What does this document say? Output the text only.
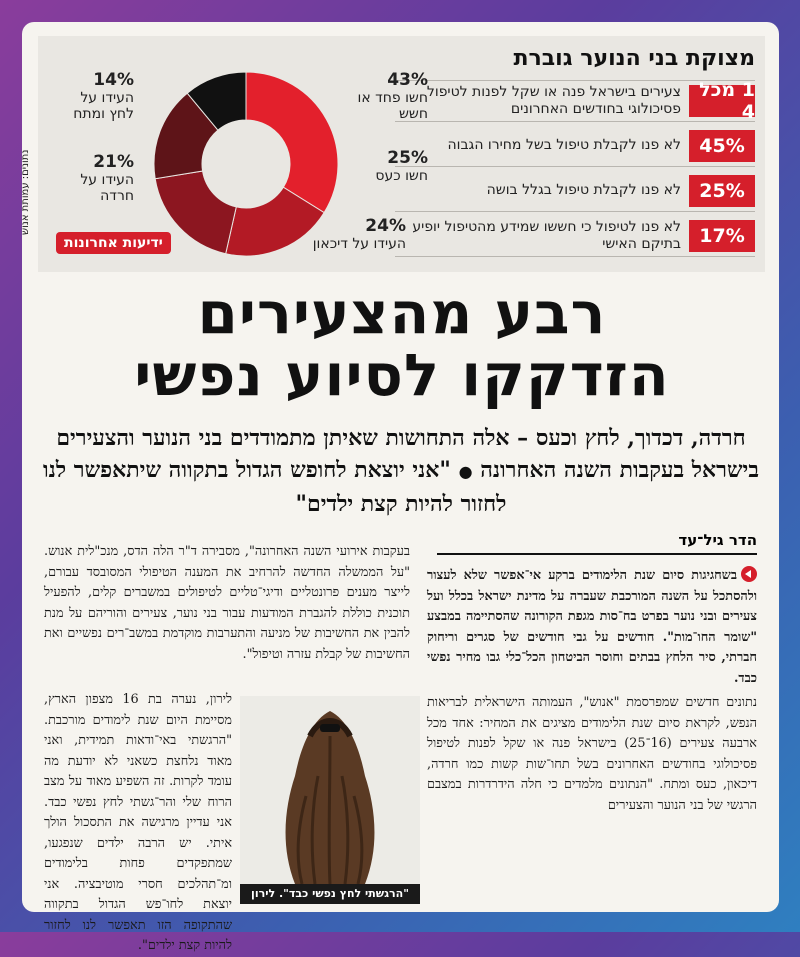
מצוקת בני הנוער גוברת
1 מכל 4
צעירים בישראל פנה או שקל לפנות לטיפול פסיכולוגי בחודשים האחרונים
45%
לא פנו לקבלת טיפול בשל מחירו הגבוה
25%
לא פנו לקבלת טיפול בגלל בושה
17%
לא פנו לטיפול כי חששו שמידע מהטיפול יופיע בתיקם האישי
43%
חשו פחד או חשש
25%
חשו כעס
24%
העידו על דיכאון
21%
העידו על חרדה
14%
העידו על לחץ ומתח
ידיעות אחרונות
נתונים: עמותת אנוש
רבע מהצעירים
הזדקקו לסיוע נפשי
חרדה, דכדוך, לחץ וכעס – אלה התחושות שאיתן מתמודדים בני הנוער והצעירים בישראל בעקבות השנה האחרונה ● "אני יוצאת לחופש הגדול בתקווה שיתאפשר לנו לחזור להיות קצת ילדים"
הדר גיל־עד

בשחגיגות סיום שנת הלימודים ברקע אי־אפשר שלא לעצור ולהסתכל על השנה המורכבת שעברה על מדינת ישראל בכלל ועל צעירים ובני נוער בפרט בח־סות מגפת הקורונה שהסתיימה במבצע "שומר החו־מות". חודשים על גבי חודשים של סגרים וריחוק חברתי, סיר הלחץ בבתים וחוסר הביטחון הכל־כלי גבו מחיר נפשי כבד.

נתונים חדשים שמפרסמת "אנוש", העמותה הישראלית לבריאות הנפש, לקראת סיום שנת הלימודים מציגים את המחיר: אחד מכל ארבעה צעירים (16־25) בישראל פנה או שקל לפנות לטיפול פסיכולוגי בחודשים האחרונים בשל תחו־שות קשות כמו חרדה, דיכאון, כעס ומתח. "הנתונים מלמדים כי חלה הידרדרות במצבם הרגשי של בני הנוער והצעירים

בעקבות אירועי השנה האחרונה", מסבירה ד"ר הלה הדס, מנכ"לית אנוש. "על הממשלה החדשה להרחיב את המענה הטיפולי המסובסד עבורם, לייצר מענים פרונטליים ודיגי־טליים לטיפולים במשברים קלים, להפעיל תוכנית כוללת להגברת המודעות עבור בני נוער, צעירים והוריהם על מנת להבין את החשיבות של מניעה והתערבות מוקדמת במשב־רים נפשיים ואת החשיבות של קבלת עזרה וטיפול".
לירון, נערה בת 16 מצפון הארץ, מסיימת היום שנת לימודים מורכבת. "הרגשתי באי־ודאות תמידית, ואני מאוד נלחצת כשאני לא יודעת מה עומד לקרות. זה השפיע מאוד על מצב הרוח שלי והר־גשתי לחץ נפשי כבד. אני עדיין מרגישה את התסכול הולך איתי. יש הרבה ילדים שנפגעו, שמתפקדים פחות בלימודים ומ־תהלכים חסרי מוטיבציה. אני יוצאת לחו־פש הגדול בתקווה שהתקופה הזו תאפשר לנו לחזור להיות קצת ילדים".
"הרגשתי לחץ נפשי כבד". לירון
